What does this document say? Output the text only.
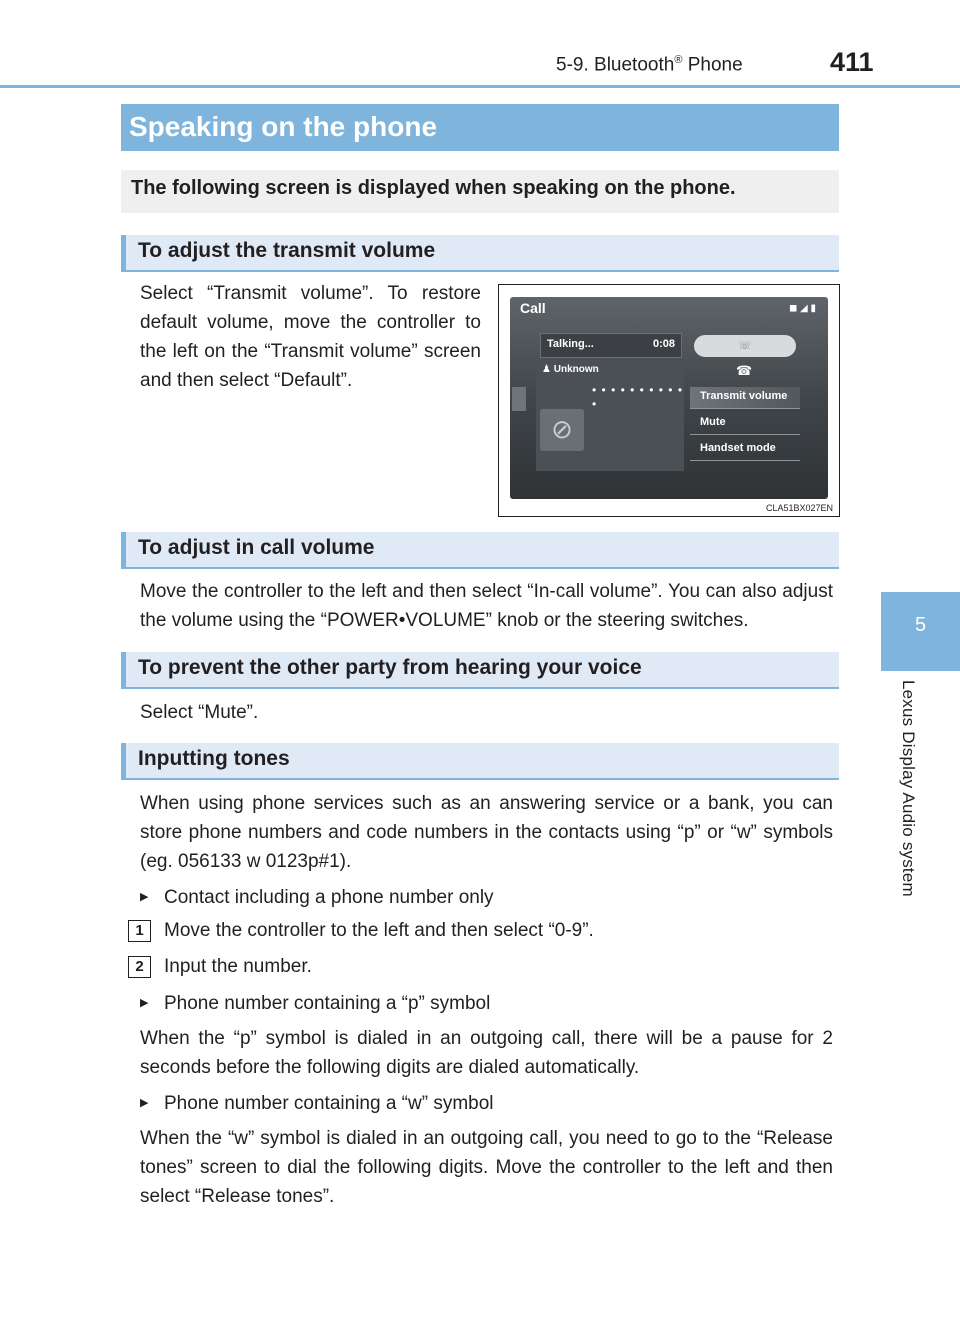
5-9. Bluetooth® Phone	411
5
Lexus Display Audio system
Speaking on the phone
The following screen is displayed when speaking on the phone.
To adjust the transmit volume
Select “Transmit volume”. To restore default volume, move the controller to the left on the “Transmit volume” screen and then select “Default”.
Call	◼ ◢ ▮
Talking...	0:08
♟ Unknown
• • • • • • • • • • •
⊘
☏
☎
Transmit volume
Mute
Handset mode
CLA51BX027EN
To adjust in call volume
Move the controller to the left and then select “In-call volume”. You can also adjust the volume using the “POWER•VOLUME” knob or the steering switches.
To prevent the other party from hearing your voice
Select “Mute”.
Inputting tones
When using phone services such as an answering service or a bank, you can store phone numbers and code numbers in the contacts using “p” or “w” symbols (eg. 056133 w 0123p#1).
▶ Contact including a phone number only
1	Move the controller to the left and then select “0-9”.
2	Input the number.
▶ Phone number containing a “p” symbol
When the “p” symbol is dialed in an outgoing call, there will be a pause for 2 seconds before the following digits are dialed automatically.
▶ Phone number containing a “w” symbol
When the “w” symbol is dialed in an outgoing call, you need to go to the “Release tones” screen to dial the following digits. Move the controller to the left and then select “Release tones”.
